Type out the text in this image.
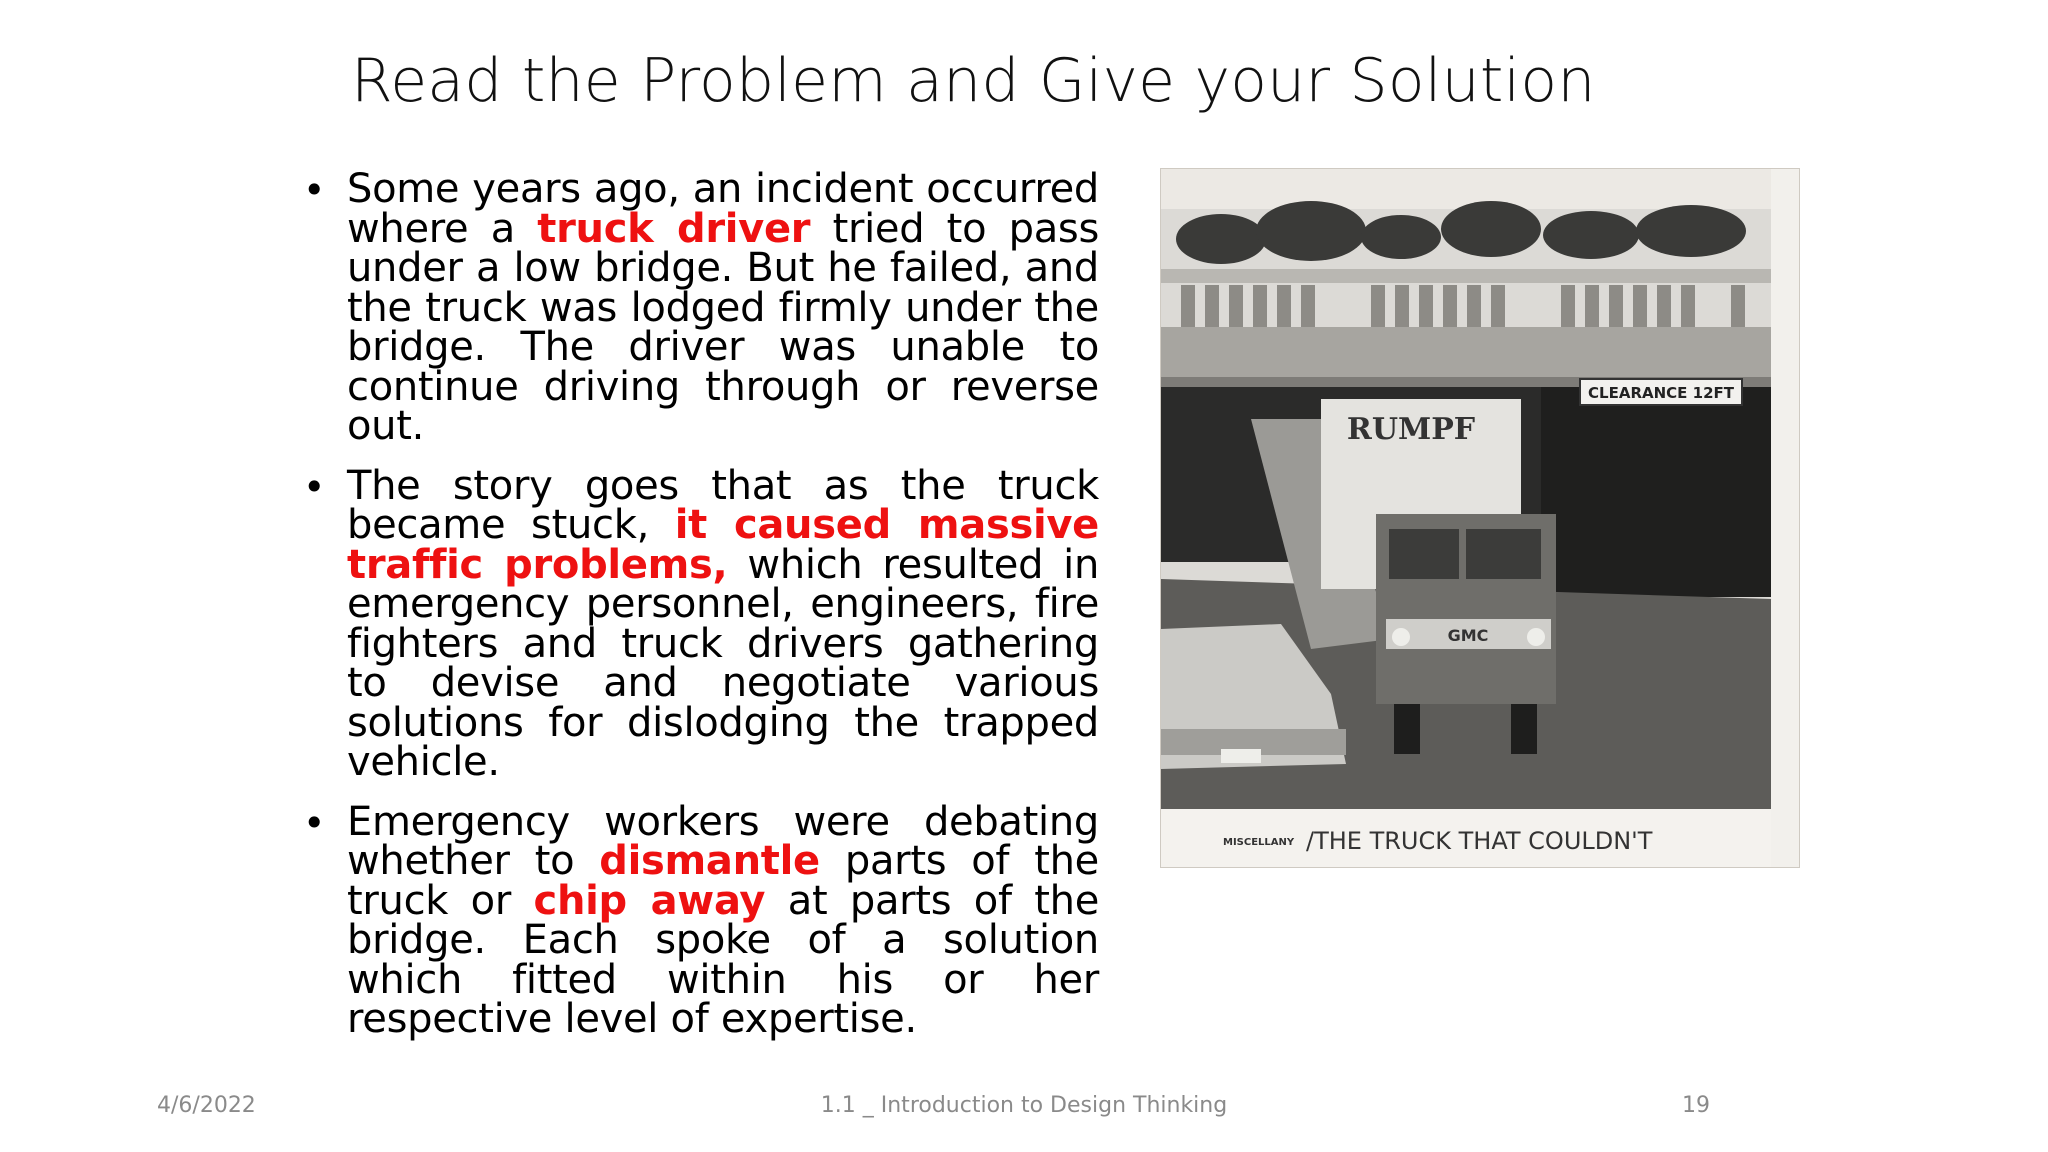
Read the Problem and Give your Solution
• Some years ago, an incident occurred where a truck driver tried to pass under a low bridge. But he failed, and the truck was lodged firmly under the bridge. The driver was unable to continue driving through or reverse out.
• The story goes that as the truck became stuck, it caused massive traffic problems, which resulted in emergency personnel, engineers, fire fighters and truck drivers gathering to devise and negotiate various solutions for dislodging the trapped vehicle.
• Emergency workers were debating whether to dismantle parts of the truck or chip away at parts of the bridge. Each spoke of a solution which fitted within his or her respective level of expertise.
CLEARANCE 12FT
RUMPF
GMC
MISCELLANY /THE TRUCK THAT COULDN'T
4/6/2022	1.1 _ Introduction to Design Thinking	19
